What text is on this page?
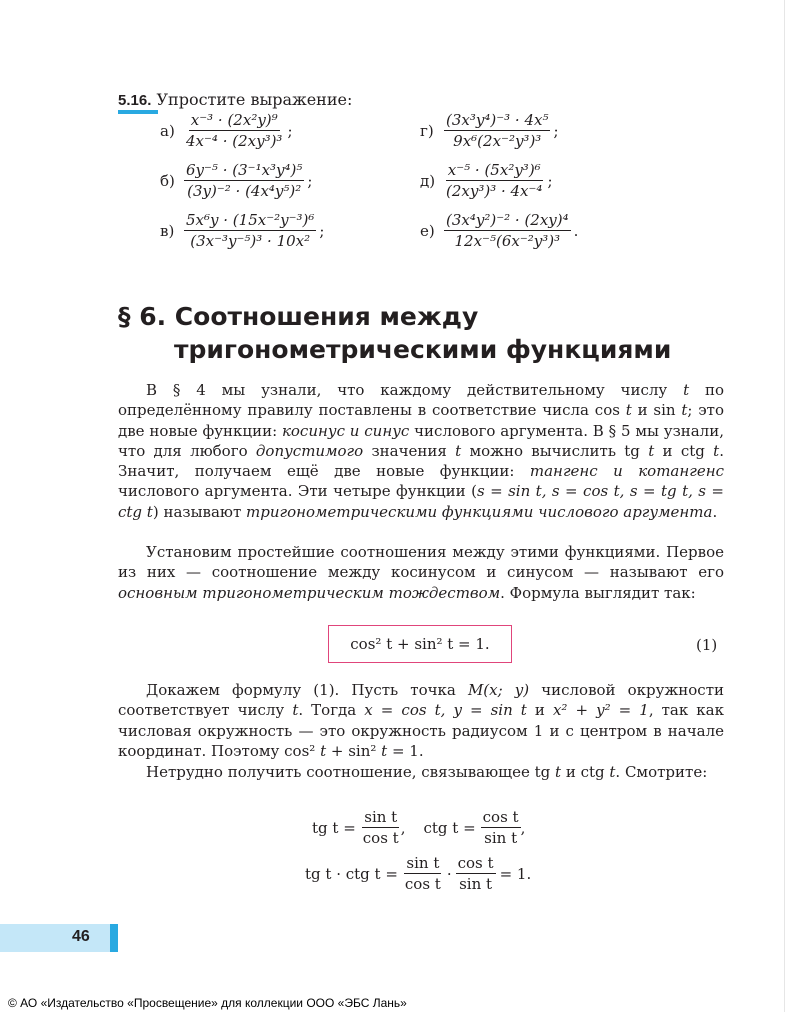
5.16. Упростите выражение:
$а) \frac{\text{x⁻³ · (2x²y)⁹}}{\text{4x⁻⁴ · (2xy³)³}}$ ;
$б) \frac{\text{6y⁻⁵ · (3⁻¹x³y⁴)⁵}}{\text{(3y)⁻² · (4x⁴y⁵)²}}$ ;
$в) \frac{\text{5x⁶y · (15x⁻²y⁻³)⁶}}{\text{(3x⁻³y⁻⁵)³ · 10x²}}$ ;
$г) \frac{\text{(3x³y⁴)⁻³ · 4x⁵}}{\text{9x⁶(2x⁻²y³)³}}$ ;
$д) \frac{\text{x⁻⁵ · (5x²y³)⁶}}{\text{(2xy³)³ · 4x⁻⁴}}$ ;
$е) \frac{\text{(3x⁴y²)⁻² · (2xy)⁴}}{\text{12x⁻⁵(6x⁻²y³)³}}$ .
§ 6. Соотношения между
тригонометрическими функциями

В § 4 мы узнали, что каждому действительному числу t по определённому правилу поставлены в соответствие числа cos t и sin t; это две новые функции: косинус и синус числового аргумента. В § 5 мы узнали, что для любого допустимого значения t можно вычислить tg t и ctg t. Значит, получаем ещё две новые функции: тангенс и котангенс числового аргумента. Эти четыре функции (s = sin t, s = cos t, s = tg t, s = ctg t) называют тригонометрическими функциями числового аргумента.

Установим простейшие соотношения между этими функциями. Первое из них — соотношение между косинусом и синусом — называют его основным тригонометрическим тождеством. Формула выглядит так:

cos² t + sin² t = 1.	(1)

Докажем формулу (1). Пусть точка M(x; y) числовой окружности соответствует числу t. Тогда x = cos t, y = sin t и x² + y² = 1, так как числовая окружность — это окружность радиусом 1 и с центром в начале координат. Поэтому cos² t + sin² t = 1.

Нетрудно получить соотношение, связывающее tg t и ctg t. Смотрите:

tg $t = \frac{\text{sin t}}{\text{cos t}}$ , ctg $t = \frac{\text{cos t}}{\text{sin t}}$ ,
tg t · ctg $t = \frac{\text{sin t}}{\text{cos t}} \cdot \frac{\text{cos t}}{\text{sin t}} = 1$.
46
© АО «Издательство «Просвещение» для коллекции ООО «ЭБС Лань»
